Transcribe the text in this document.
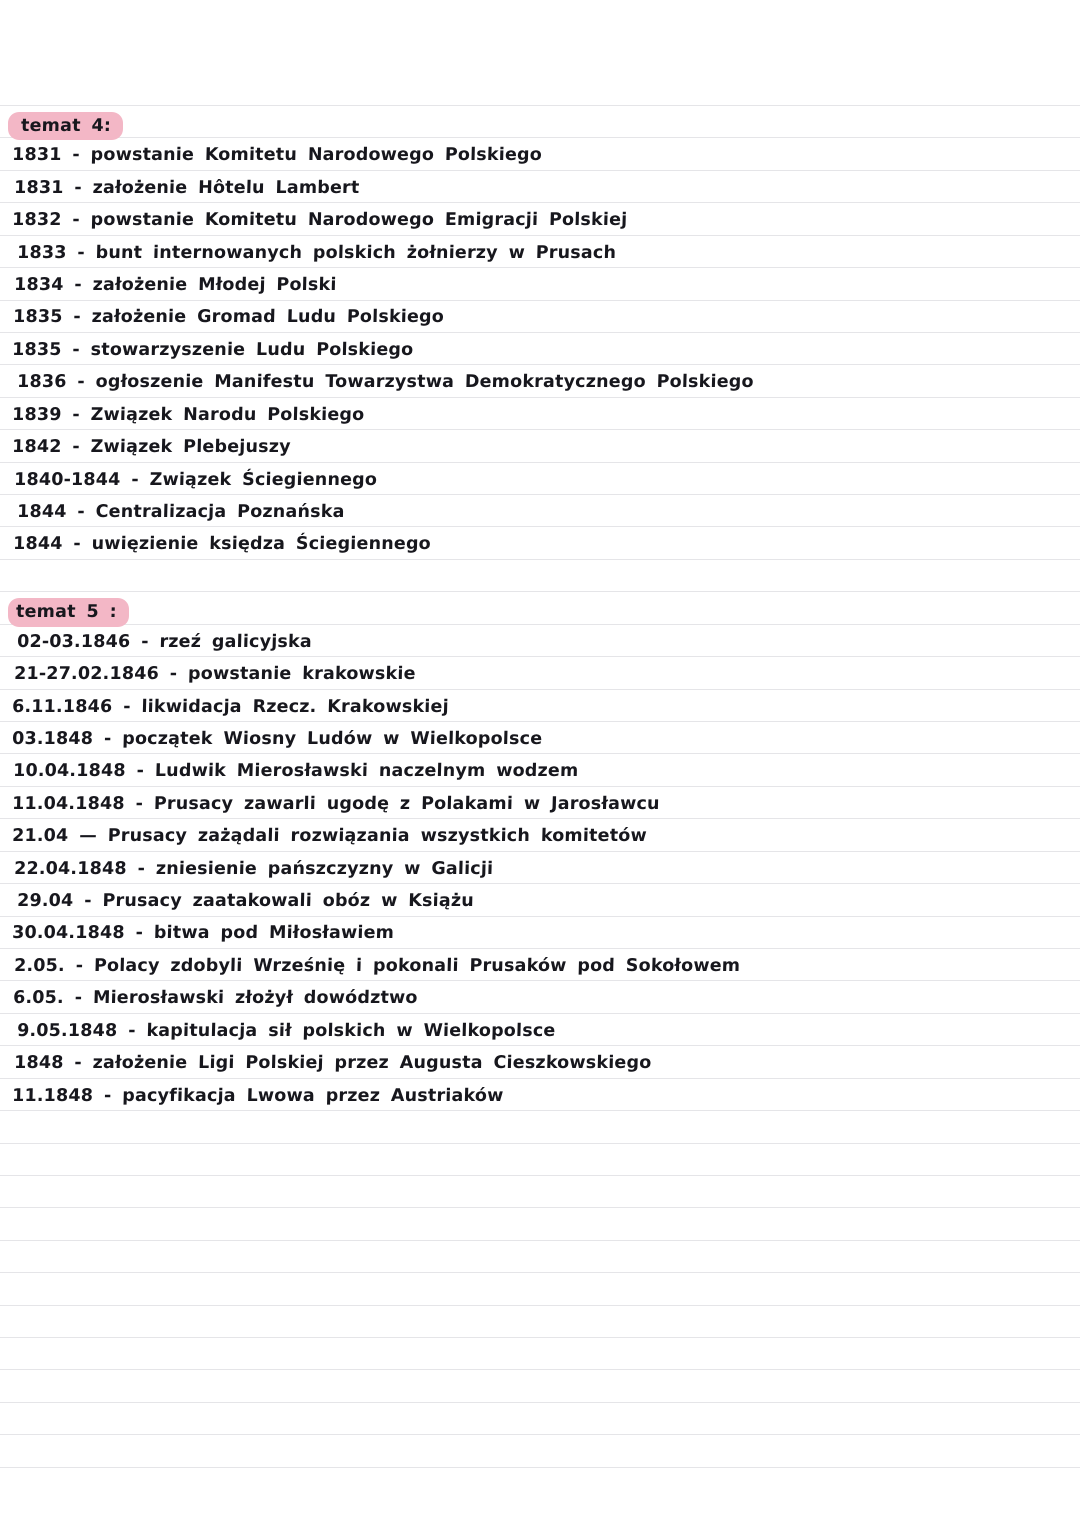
temat 4:
1831 - powstanie Komitetu Narodowego Polskiego
1831 - założenie Hôtelu Lambert
1832 - powstanie Komitetu Narodowego Emigracji Polskiej
1833 - bunt internowanych polskich żołnierzy w Prusach
1834 - założenie Młodej Polski
1835 - założenie Gromad Ludu Polskiego
1835 - stowarzyszenie Ludu Polskiego
1836 - ogłoszenie Manifestu Towarzystwa Demokratycznego Polskiego
1839 - Związek Narodu Polskiego
1842 - Związek Plebejuszy
1840-1844 - Związek Ściegiennego
1844 - Centralizacja Poznańska
1844 - uwięzienie księdza Ściegiennego
temat 5 :
02-03.1846 - rzeź galicyjska
21-27.02.1846 - powstanie krakowskie
6.11.1846 - likwidacja Rzecz. Krakowskiej
03.1848 - początek Wiosny Ludów w Wielkopolsce
10.04.1848 - Ludwik Mierosławski naczelnym wodzem
11.04.1848 - Prusacy zawarli ugodę z Polakami w Jarosławcu
21.04 — Prusacy zażądali rozwiązania wszystkich komitetów
22.04.1848 - zniesienie pańszczyzny w Galicji
29.04 - Prusacy zaatakowali obóz w Książu
30.04.1848 - bitwa pod Miłosławiem
2.05. - Polacy zdobyli Wrześnię i pokonali Prusaków pod Sokołowem
6.05. - Mierosławski złożył dowództwo
9.05.1848 - kapitulacja sił polskich w Wielkopolsce
1848 - założenie Ligi Polskiej przez Augusta Cieszkowskiego
11.1848 - pacyfikacja Lwowa przez Austriaków
